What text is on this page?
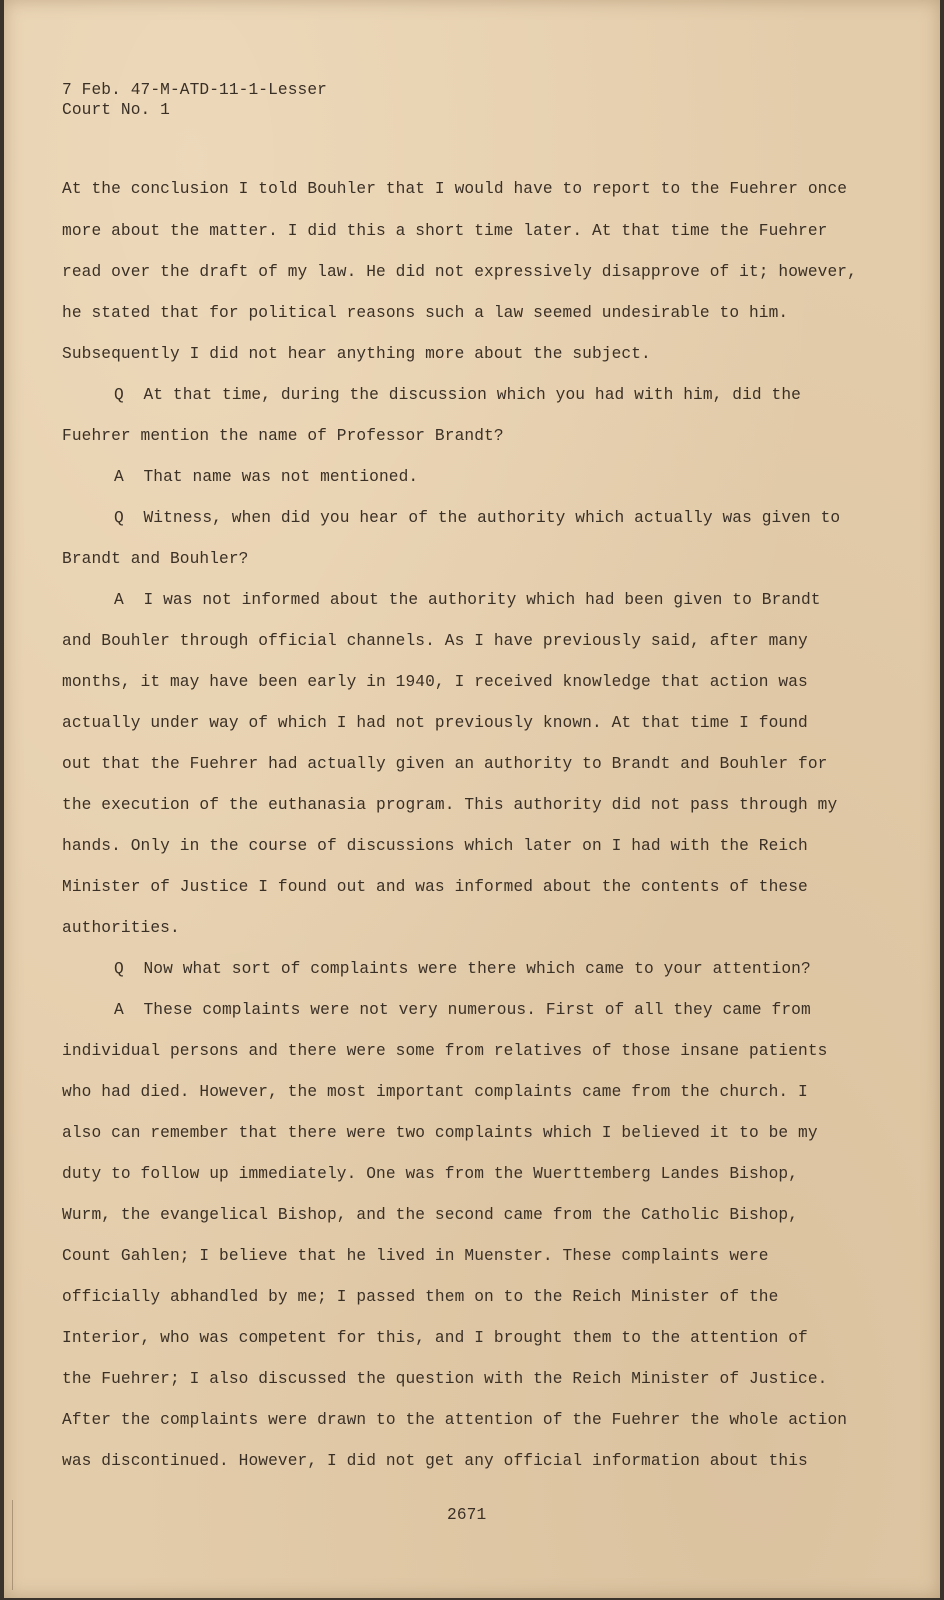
7 Feb. 47-M-ATD-11-1-Lesser

Court No. 1

At the conclusion I told Bouhler that I would have to report to the Fuehrer once

more about the matter. I did this a short time later. At that time the Fuehrer

read over the draft of my law. He did not expressively disapprove of it; however,

he stated that for political reasons such a law seemed undesirable to him.

Subsequently I did not hear anything more about the subject.

Q  At that time, during the discussion which you had with him, did the

Fuehrer mention the name of Professor Brandt?

A  That name was not mentioned.

Q  Witness, when did you hear of the authority which actually was given to

Brandt and Bouhler?

A  I was not informed about the authority which had been given to Brandt

and Bouhler through official channels. As I have previously said, after many

months, it may have been early in 1940, I received knowledge that action was

actually under way of which I had not previously known. At that time I found

out that the Fuehrer had actually given an authority to Brandt and Bouhler for

the execution of the euthanasia program. This authority did not pass through my

hands. Only in the course of discussions which later on I had with the Reich

Minister of Justice I found out and was informed about the contents of these

authorities.

Q  Now what sort of complaints were there which came to your attention?

A  These complaints were not very numerous. First of all they came from

individual persons and there were some from relatives of those insane patients

who had died. However, the most important complaints came from the church. I

also can remember that there were two complaints which I believed it to be my

duty to follow up immediately. One was from the Wuerttemberg Landes Bishop,

Wurm, the evangelical Bishop, and the second came from the Catholic Bishop,

Count Gahlen; I believe that he lived in Muenster. These complaints were

officially abhandled by me; I passed them on to the Reich Minister of the

Interior, who was competent for this, and I brought them to the attention of

the Fuehrer; I also discussed the question with the Reich Minister of Justice.

After the complaints were drawn to the attention of the Fuehrer the whole action

was discontinued. However, I did not get any official information about this

2671
